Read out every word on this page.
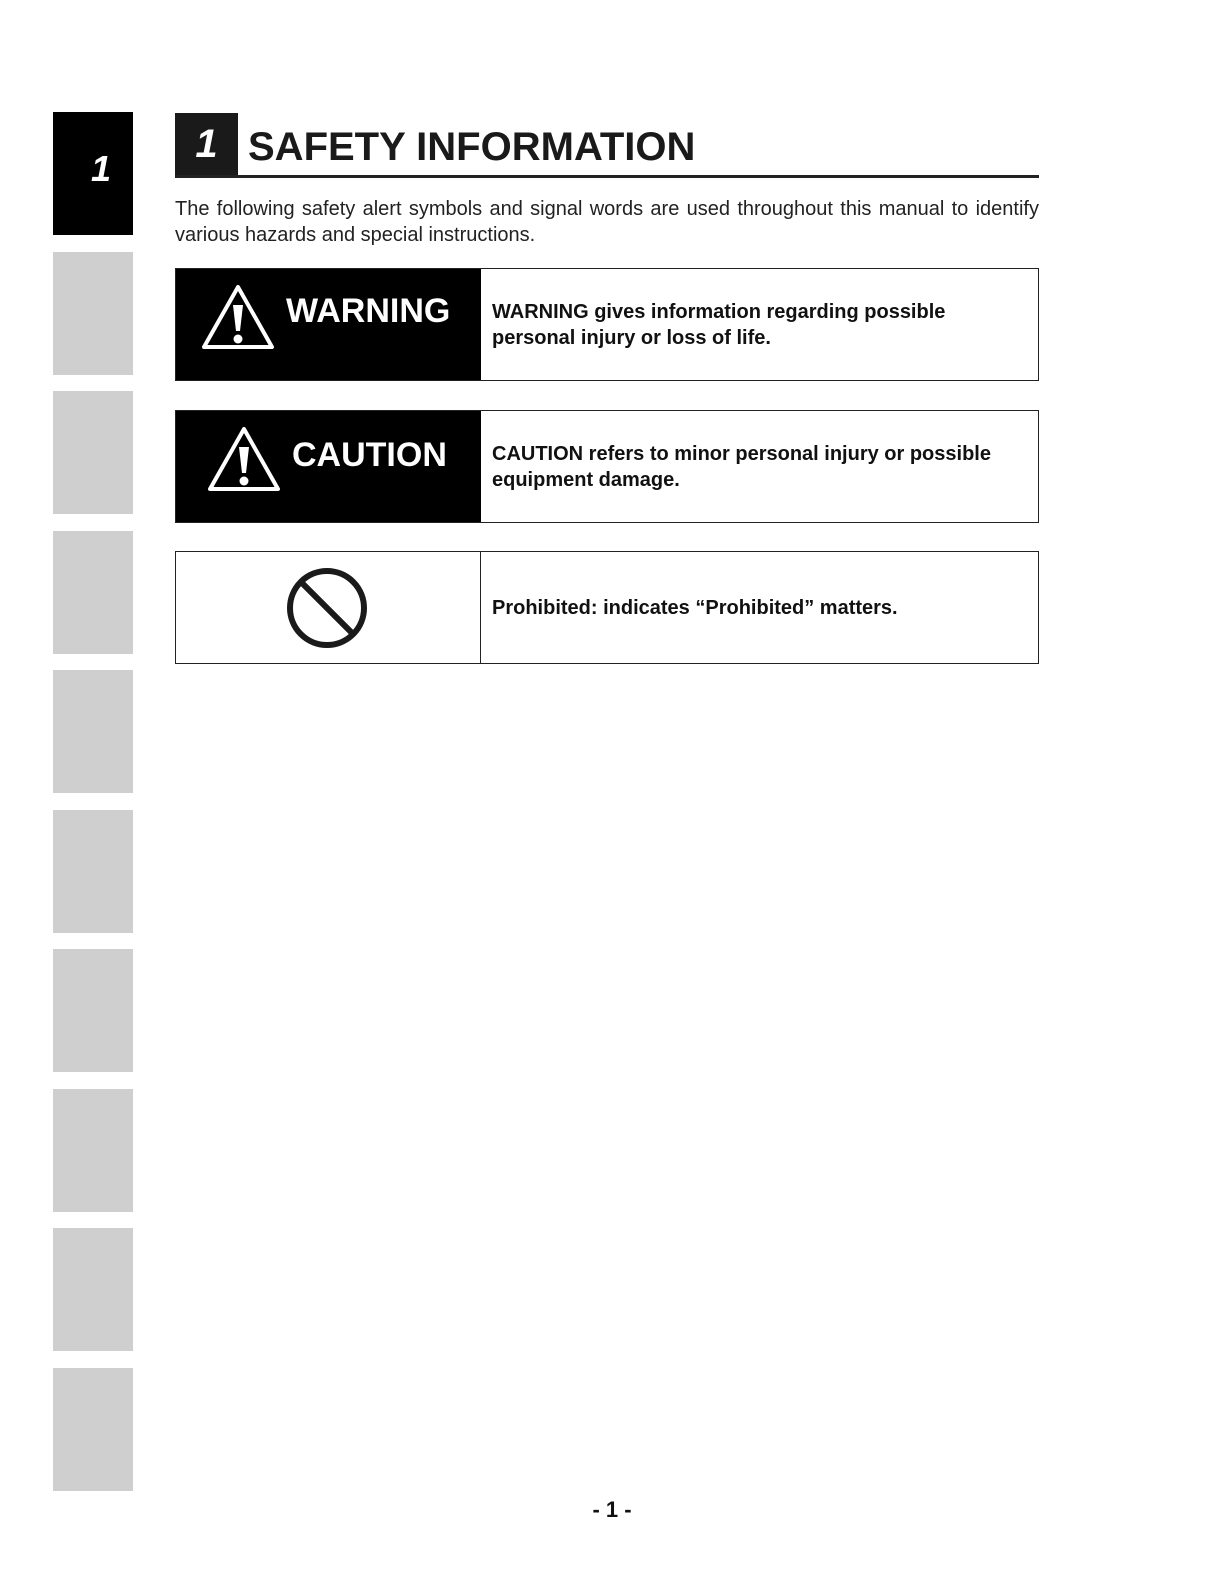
1
1 SAFETY INFORMATION

The following safety alert symbols and signal words are used throughout this manual to identify various hazards and special instructions.

WARNING WARNING gives information regarding possible personal injury or loss of life.
CAUTION CAUTION refers to minor personal injury or possible equipment damage.
Prohibited: indicates “Prohibited” matters.
- 1 -
